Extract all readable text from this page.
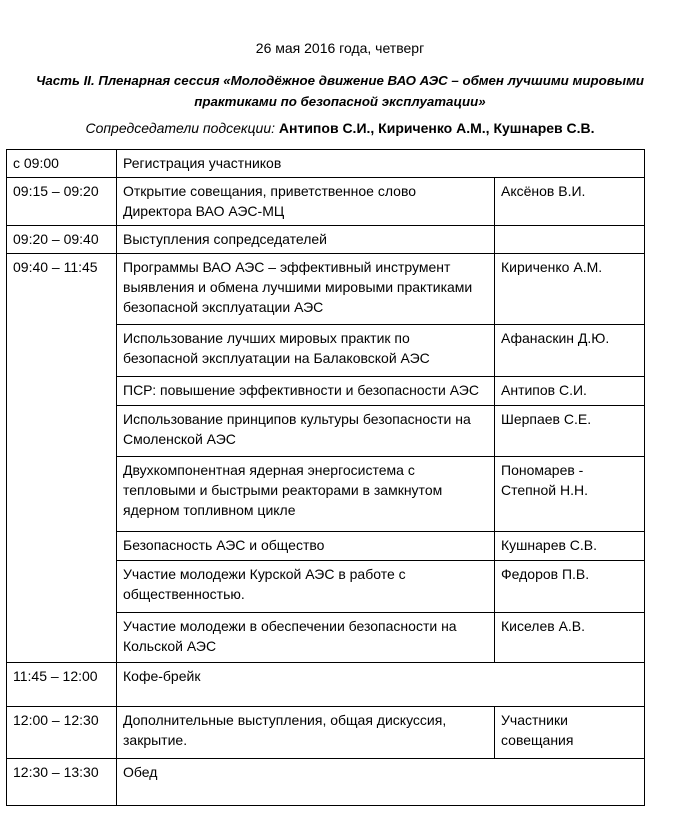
26 мая 2016 года, четверг
Часть II. Пленарная сессия «Молодёжное движение ВАО АЭС – обмен лучшими мировыми практиками по безопасной эксплуатации»
Сопредседатели подсекции: Антипов С.И., Кириченко А.М., Кушнарев С.В.
с 09:00	Регистрация участников	
09:15 – 09:20	Открытие совещания, приветственное слово Директора ВАО АЭС-МЦ	Аксёнов В.И.
09:20 – 09:40	Выступления сопредседателей	
09:40 – 11:45	Программы ВАО АЭС – эффективный инструмент выявления и обмена лучшими мировыми практиками безопасной эксплуатации АЭС	Кириченко А.М.
	Использование лучших мировых практик по безопасной эксплуатации на Балаковской АЭС	Афанаскин Д.Ю.
	ПСР: повышение эффективности и безопасности АЭС	Антипов С.И.
	Использование принципов культуры безопасности на Смоленской АЭС	Шерпаев С.Е.
	Двухкомпонентная ядерная энергосистема с тепловыми и быстрыми реакторами в замкнутом ядерном топливном цикле	Пономарев - Степной Н.Н.
	Безопасность АЭС и общество	Кушнарев С.В.
	Участие молодежи Курской АЭС в работе с общественностью.	Федоров П.В.
	Участие молодежи в обеспечении безопасности на Кольской АЭС	Киселев А.В.
11:45 – 12:00	Кофе-брейк	
12:00 – 12:30	Дополнительные выступления, общая дискуссия, закрытие.	Участники совещания
12:30 – 13:30	Обед	
